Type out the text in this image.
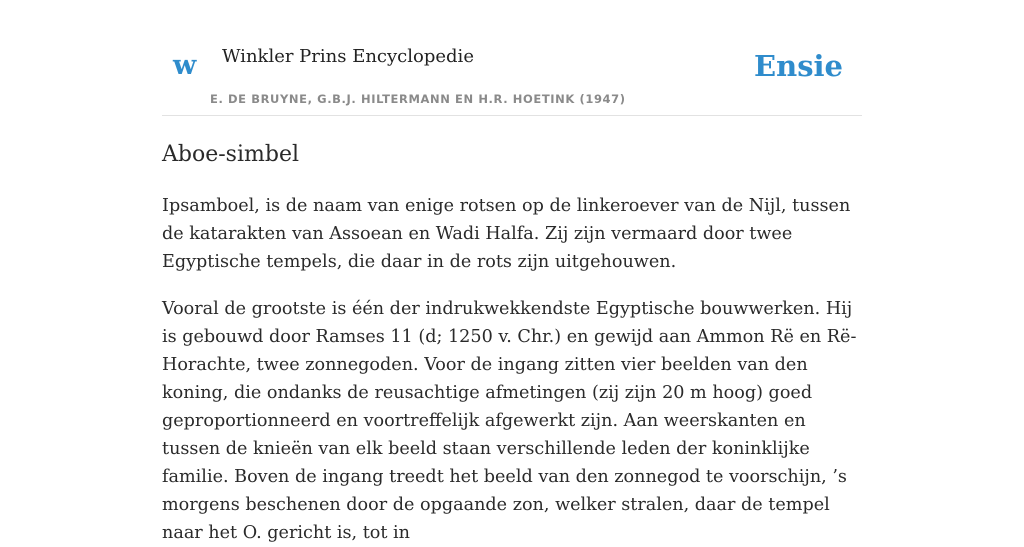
w Winkler Prins Encyclopedie
E. DE BRUYNE, G.B.J. HILTERMANN EN H.R. HOETINK (1947)
Ensie
Aboe-simbel

Ipsamboel, is de naam van enige rotsen op de linkeroever van de Nijl, tussen de katarakten van Assoean en Wadi Halfa. Zij zijn vermaard door twee Egyptische tempels, die daar in de rots zijn uitgehouwen.

Vooral de grootste is één der indrukwekkendste Egyptische bouwwerken. Hij is gebouwd door Ramses 11 (d; 1250 v. Chr.) en gewijd aan Ammon Rë en Rë-Horachte, twee zonnegoden. Voor de ingang zitten vier beelden van den koning, die ondanks de reusachtige afmetingen (zij zijn 20 m hoog) goed geproportionneerd en voortreffelijk afgewerkt zijn. Aan weerskanten en tussen de knieën van elk beeld staan verschillende leden der koninklijke familie. Boven de ingang treedt het beeld van den zonnegod te voorschijn, ’s morgens beschenen door de opgaande zon, welker stralen, daar de tempel naar het O. gericht is, tot in
